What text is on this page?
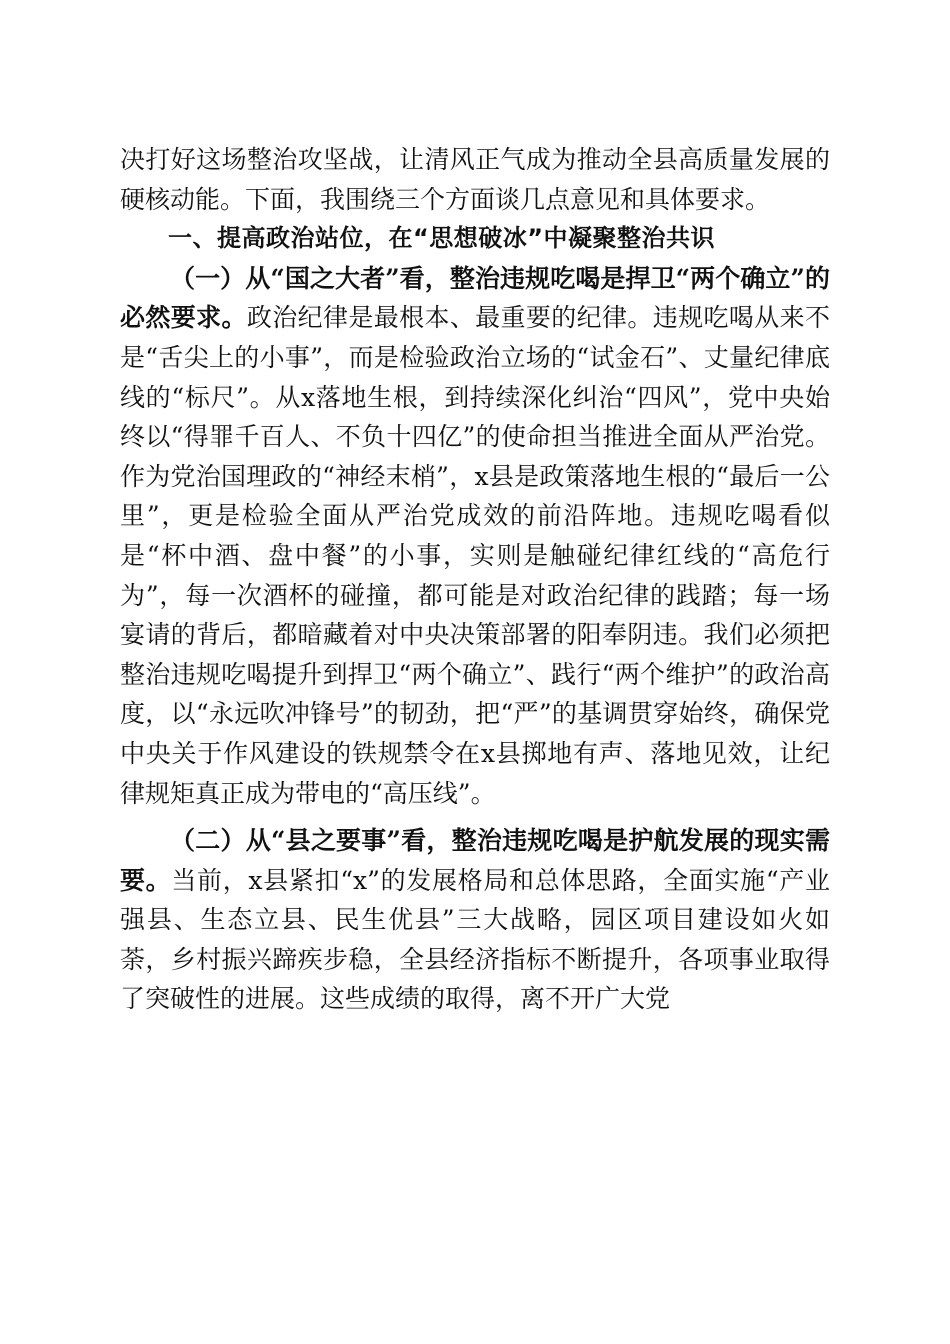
决打好这场整治攻坚战，让清风正气成为推动全县高质量发展的硬核动能。下面，我围绕三个方面谈几点意见和具体要求。

一、提高政治站位，在“思想破冰”中凝聚整治共识

（一）从“国之大者”看，整治违规吃喝是捍卫“两个确立”的必然要求。政治纪律是最根本、最重要的纪律。违规吃喝从来不是“舌尖上的小事”，而是检验政治立场的“试金石”、丈量纪律底线的“标尺”。从x落地生根，到持续深化纠治“四风”，党中央始终以“得罪千百人、不负十四亿”的使命担当推进全面从严治党。作为党治国理政的“神经末梢”，x县是政策落地生根的“最后一公里”，更是检验全面从严治党成效的前沿阵地。违规吃喝看似是“杯中酒、盘中餐”的小事，实则是触碰纪律红线的“高危行为”，每一次酒杯的碰撞，都可能是对政治纪律的践踏；每一场宴请的背后，都暗藏着对中央决策部署的阳奉阴违。我们必须把整治违规吃喝提升到捍卫“两个确立”、践行“两个维护”的政治高度，以“永远吹冲锋号”的韧劲，把“严”的基调贯穿始终，确保党中央关于作风建设的铁规禁令在x县掷地有声、落地见效，让纪律规矩真正成为带电的“高压线”。

（二）从“县之要事”看，整治违规吃喝是护航发展的现实需要。当前，x县紧扣“x”的发展格局和总体思路，全面实施“产业强县、生态立县、民生优县”三大战略，园区项目建设如火如荼，乡村振兴蹄疾步稳，全县经济指标不断提升，各项事业取得了突破性的进展。这些成绩的取得，离不开广大党
